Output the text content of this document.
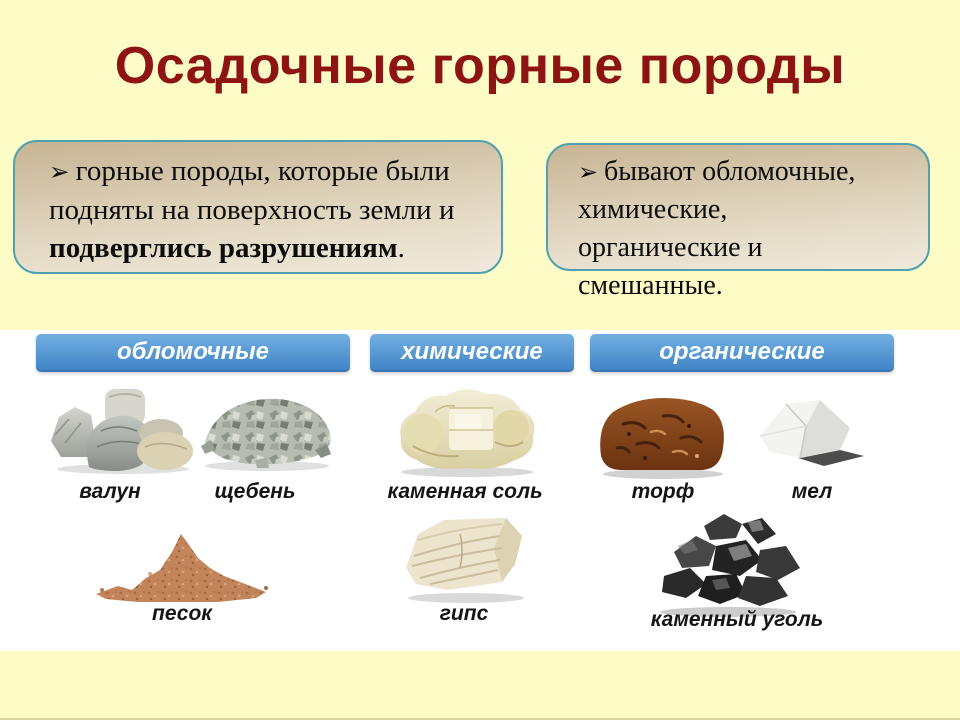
Осадочные горные породы
➢ горные породы, которые были подняты на поверхность земли и подверглись разрушениям.
➢ бывают обломочные, химические, органические и смешанные.
обломочные	химические	органические
валун	щебень	каменная соль	торф	мел
песок	гипс	каменный уголь
